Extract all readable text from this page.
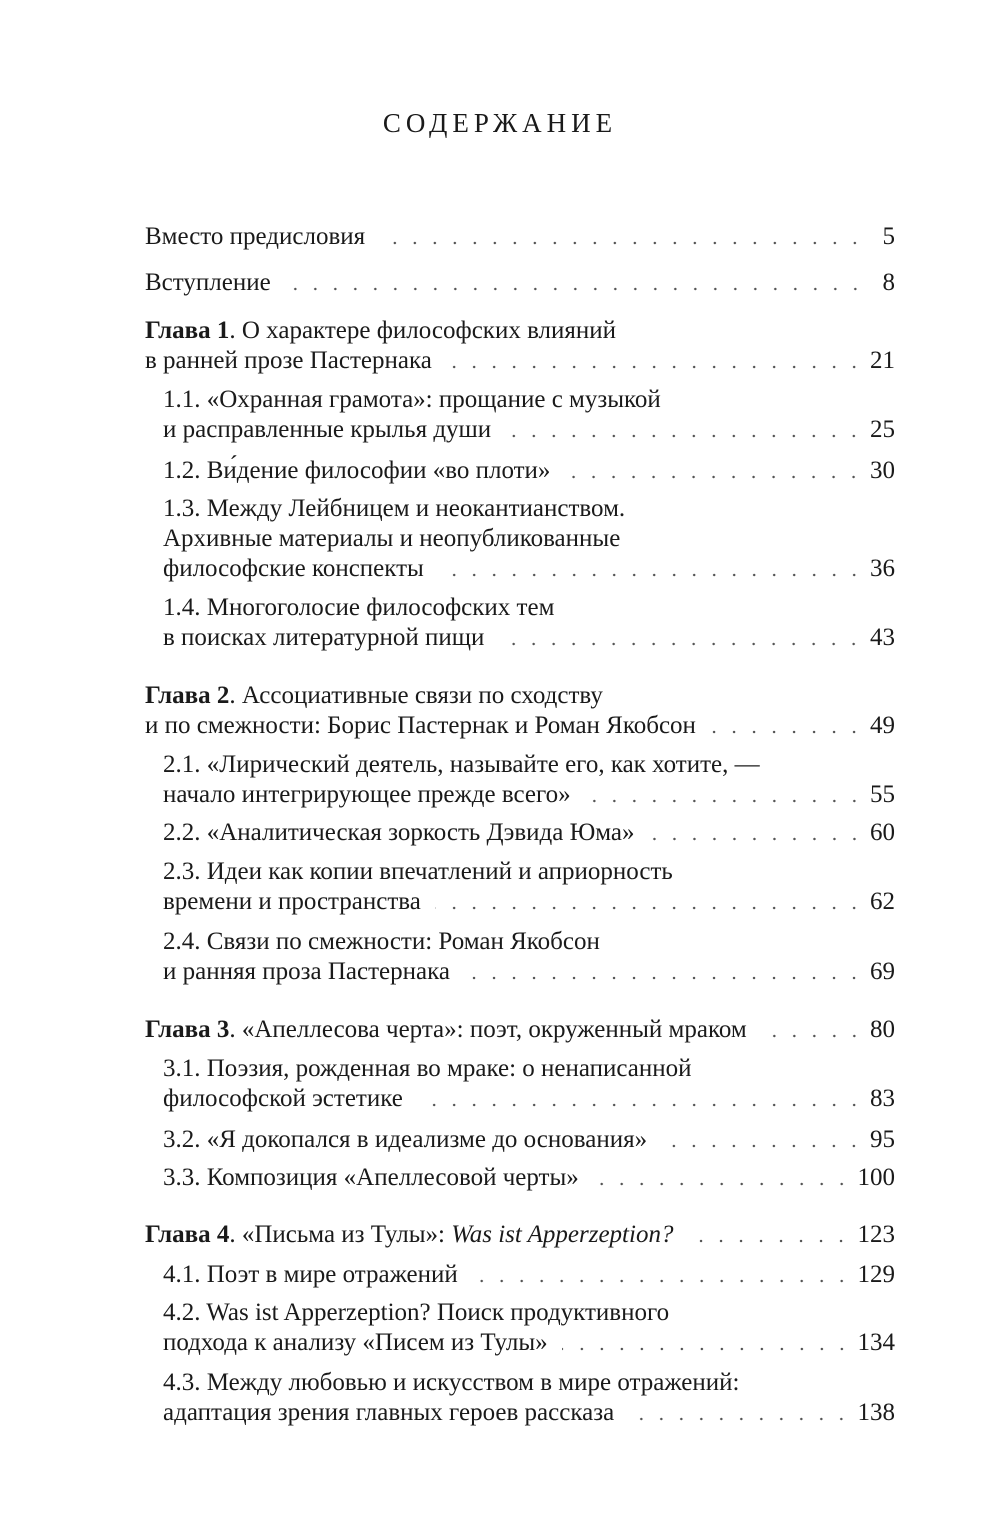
СОДЕРЖАНИЕ
Вместо предисловия	5
Вступление	8
Глава 1. О характере философских влияний
в ранней прозе Пастернака	21
1.1. «Охранная грамота»: прощание с музыкой
и расправленные крылья души	25
1.2. Ви́дение философии «во плоти»	30
1.3. Между Лейбницем и неокантианством.
Архивные материалы и неопубликованные
философские конспекты	36
1.4. Многоголосие философских тем
в поисках литературной пищи	43
Глава 2. Ассоциативные связи по сходству
и по смежности: Борис Пастернак и Роман Якобсон	49
2.1. «Лирический деятель, называйте его, как хотите, —
начало интегрирующее прежде всего»	55
2.2. «Аналитическая зоркость Дэвида Юма»	60
2.3. Идеи как копии впечатлений и априорность
времени и пространства	62
2.4. Связи по смежности: Роман Якобсон
и ранняя проза Пастернака	69
Глава 3. «Апеллесова черта»: поэт, окруженный мраком	80
3.1. Поэзия, рожденная во мраке: о ненаписанной
философской эстетике	83
3.2. «Я докопался в идеализме до основания»	95
3.3. Композиция «Апеллесовой черты»	100
Глава 4. «Письма из Тулы»: Was ist Apperzeption?	123
4.1. Поэт в мире отражений	129
4.2. Was ist Apperzeption? Поиск продуктивного
подхода к анализу «Писем из Тулы»	134
4.3. Между любовью и искусством в мире отражений:
адаптация зрения главных героев рассказа	138
